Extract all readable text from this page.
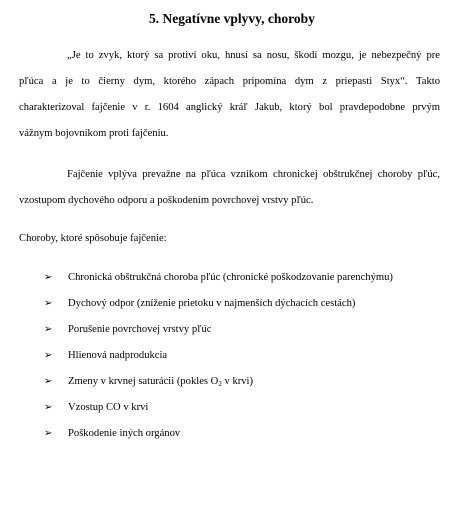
5. Negatívne vplyvy, choroby
„Je to zvyk, ktorý sa protiví oku, hnusí sa nosu, škodí mozgu, je nebezpečný pre
pľúca a je to čierny dym, ktorého zápach pripomína dym z priepasti Styx“. Takto
charakterizoval fajčenie v r. 1604 anglický kráľ Jakub, ktorý bol pravdepodobne prvým
vážnym bojovníkom proti fajčeniu.
Fajčenie vplýva prevažne na pľúca vznikom chronickej obštrukčnej choroby pľúc,
vzostupom dychového odporu a poškodením povrchovej vrstvy pľúc.
Choroby, ktoré spôsobuje fajčenie:
➢ Chronická obštrukčná choroba pľúc (chronické poškodzovanie parenchýmu)
➢ Dychový odpor (zníženie prietoku v najmenších dýchacích cestách)
➢ Porušenie povrchovej vrstvy pľúc
➢ Hlienová nadprodukcia
➢ Zmeny v krvnej saturácii (pokles $O_2$ v krvi)
➢ Vzostup CO v krvi
➢ Poškodenie iných orgánov
